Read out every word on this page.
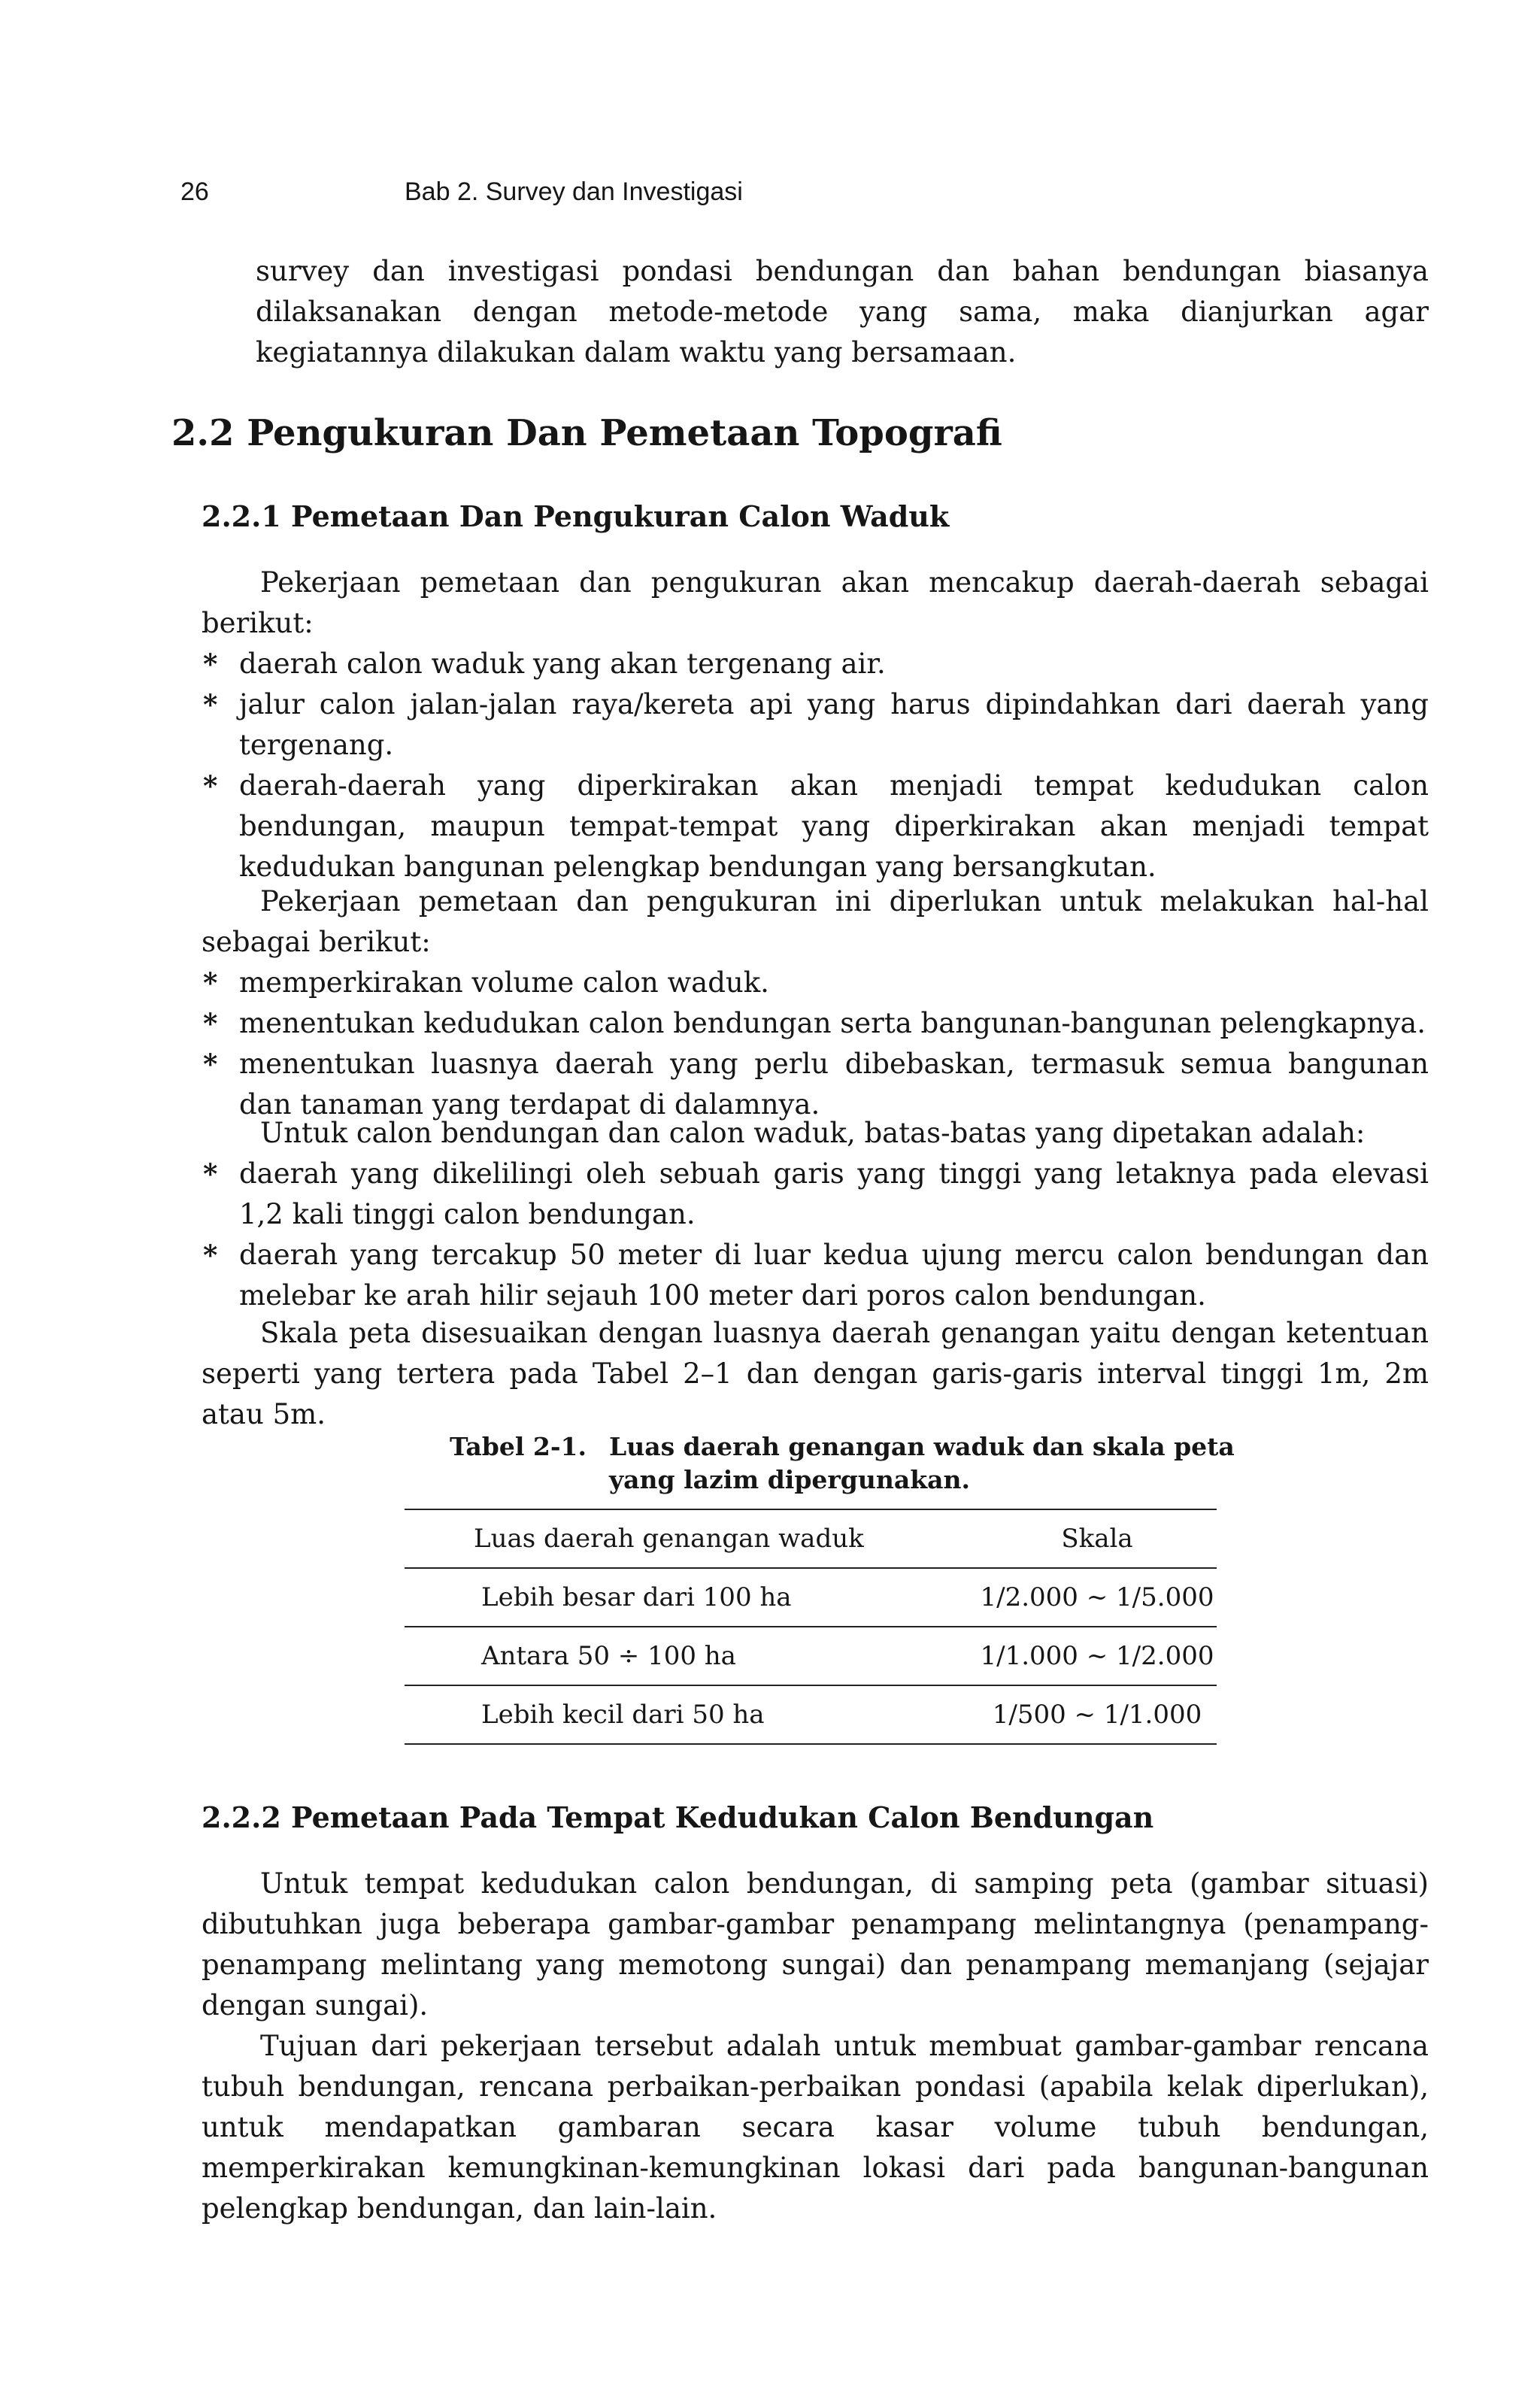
26	Bab 2. Survey dan Investigasi

survey dan investigasi pondasi bendungan dan bahan bendungan biasanya dilaksanakan dengan metode-metode yang sama, maka dianjurkan agar kegiatannya dilakukan dalam waktu yang bersamaan.

2.2 Pengukuran Dan Pemetaan Topografi
2.2.1 Pemetaan Dan Pengukuran Calon Waduk

Pekerjaan pemetaan dan pengukuran akan mencakup daerah-daerah sebagai berikut:

* daerah calon waduk yang akan tergenang air.
* jalur calon jalan-jalan raya/kereta api yang harus dipindahkan dari daerah yang tergenang.
* daerah-daerah yang diperkirakan akan menjadi tempat kedudukan calon bendungan, maupun tempat-tempat yang diperkirakan akan menjadi tempat kedudukan bangunan pelengkap bendungan yang bersangkutan.

Pekerjaan pemetaan dan pengukuran ini diperlukan untuk melakukan hal-hal sebagai berikut:

* memperkirakan volume calon waduk.
* menentukan kedudukan calon bendungan serta bangunan-bangunan pelengkapnya.
* menentukan luasnya daerah yang perlu dibebaskan, termasuk semua bangunan dan tanaman yang terdapat di dalamnya.

Untuk calon bendungan dan calon waduk, batas-batas yang dipetakan adalah:

* daerah yang dikelilingi oleh sebuah garis yang tinggi yang letaknya pada elevasi 1,2 kali tinggi calon bendungan.
* daerah yang tercakup 50 meter di luar kedua ujung mercu calon bendungan dan melebar ke arah hilir sejauh 100 meter dari poros calon bendungan.

Skala peta disesuaikan dengan luasnya daerah genangan yaitu dengan ketentuan seperti yang tertera pada Tabel 2–1 dan dengan garis-garis interval tinggi 1m, 2m atau 5m.

Tabel 2-1. Luas daerah genangan waduk dan skala peta
yang lazim dipergunakan.
Luas daerah genangan waduk	Skala
Lebih besar dari 100 ha	1/2.000 ~ 1/5.000
Antara 50 ÷ 100 ha	1/1.000 ~ 1/2.000
Lebih kecil dari 50 ha	1/500 ~ 1/1.000
2.2.2 Pemetaan Pada Tempat Kedudukan Calon Bendungan

Untuk tempat kedudukan calon bendungan, di samping peta (gambar situasi) dibutuhkan juga beberapa gambar-gambar penampang melintangnya (penampang-penampang melintang yang memotong sungai) dan penampang memanjang (sejajar dengan sungai).

Tujuan dari pekerjaan tersebut adalah untuk membuat gambar-gambar rencana tubuh bendungan, rencana perbaikan-perbaikan pondasi (apabila kelak diperlukan), untuk mendapatkan gambaran secara kasar volume tubuh bendungan, memperkirakan kemungkinan-kemungkinan lokasi dari pada bangunan-bangunan pelengkap bendungan, dan lain-lain.
